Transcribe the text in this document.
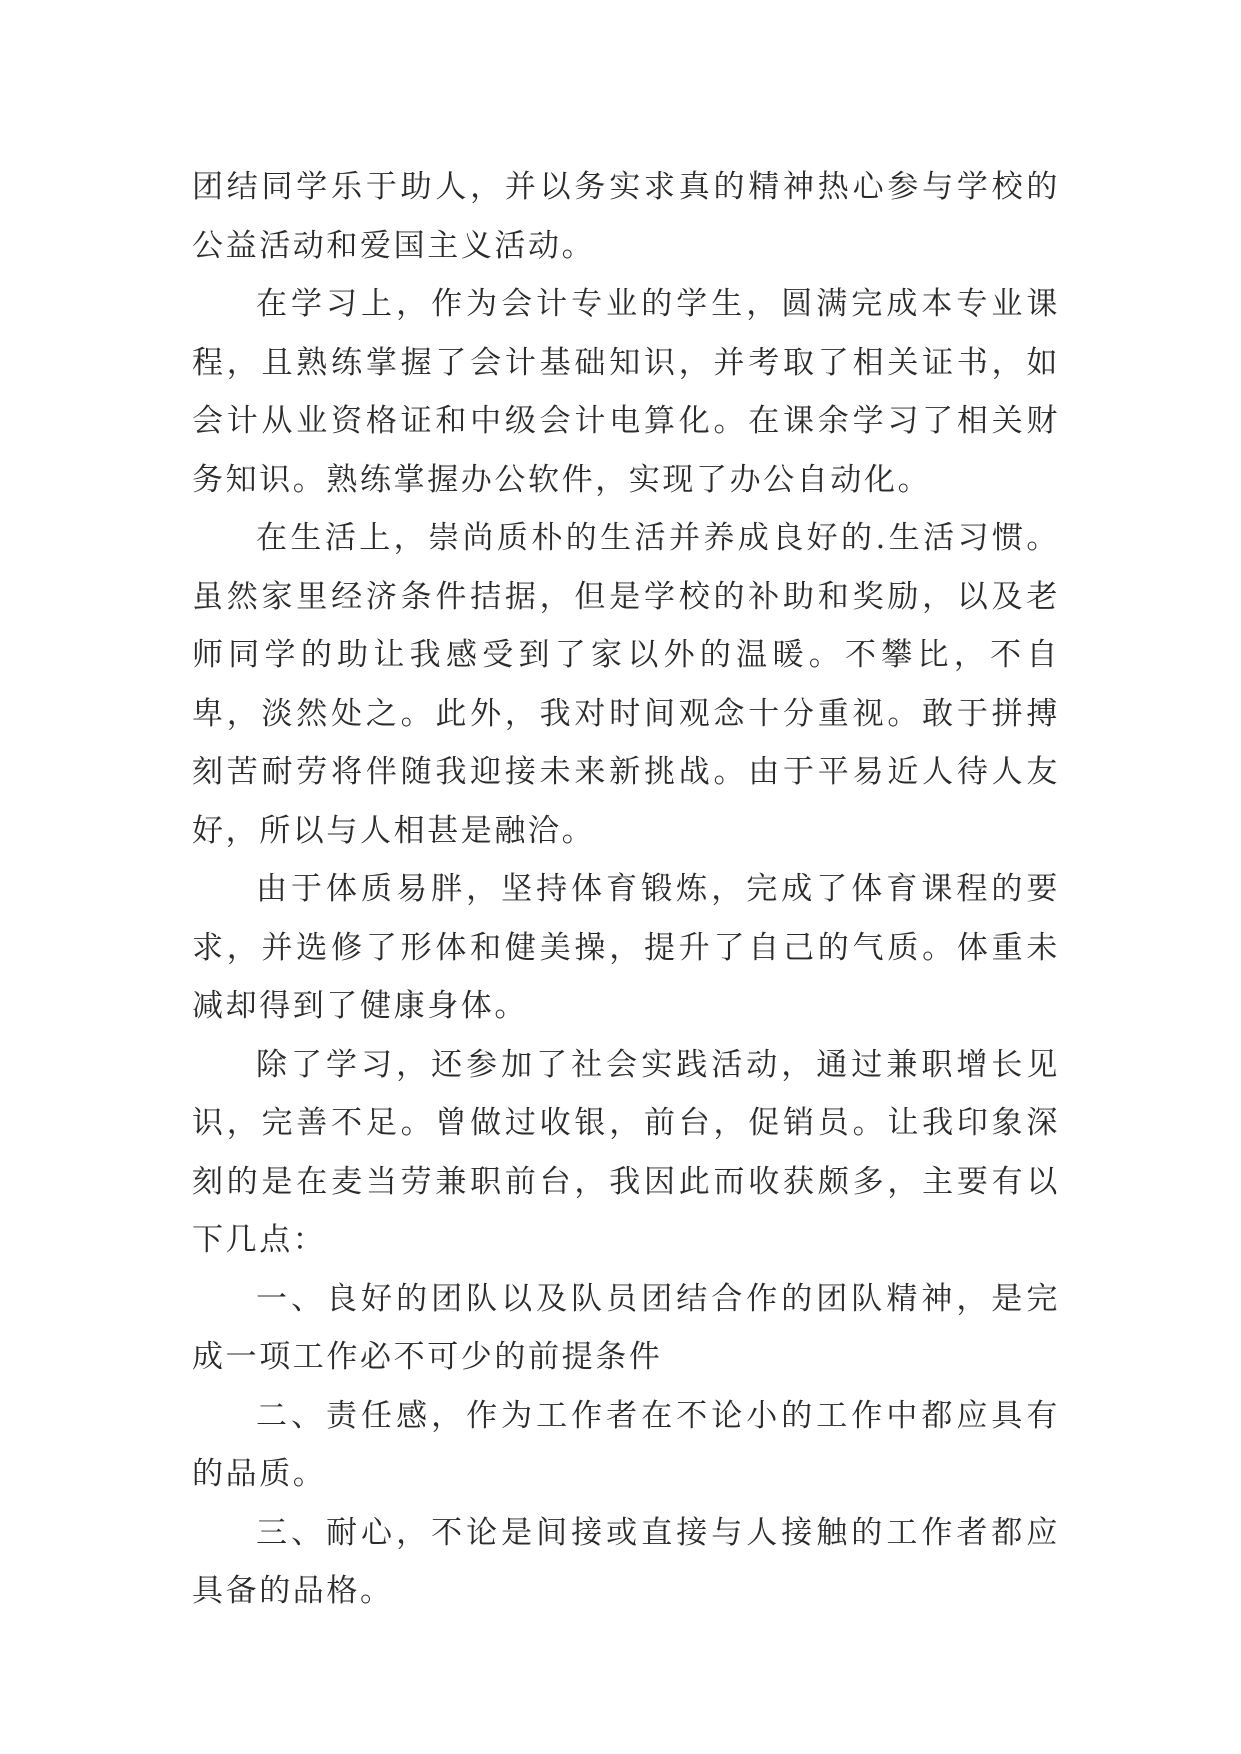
团结同学乐于助人，并以务实求真的精神热心参与学校的公益活动和爱国主义活动。

在学习上，作为会计专业的学生，圆满完成本专业课程，且熟练掌握了会计基础知识，并考取了相关证书，如会计从业资格证和中级会计电算化。在课余学习了相关财务知识。熟练掌握办公软件，实现了办公自动化。

在生活上，崇尚质朴的生活并养成良好的.生活习惯。虽然家里经济条件拮据，但是学校的补助和奖励，以及老师同学的助让我感受到了家以外的温暖。不攀比，不自卑，淡然处之。此外，我对时间观念十分重视。敢于拼搏刻苦耐劳将伴随我迎接未来新挑战。由于平易近人待人友好，所以与人相甚是融洽。

由于体质易胖，坚持体育锻炼，完成了体育课程的要求，并选修了形体和健美操，提升了自己的气质。体重未减却得到了健康身体。

除了学习，还参加了社会实践活动，通过兼职增长见识，完善不足。曾做过收银，前台，促销员。让我印象深刻的是在麦当劳兼职前台，我因此而收获颇多，主要有以下几点：

一、良好的团队以及队员团结合作的团队精神，是完成一项工作必不可少的前提条件

二、责任感，作为工作者在不论小的工作中都应具有的品质。

三、耐心，不论是间接或直接与人接触的工作者都应具备的品格。
